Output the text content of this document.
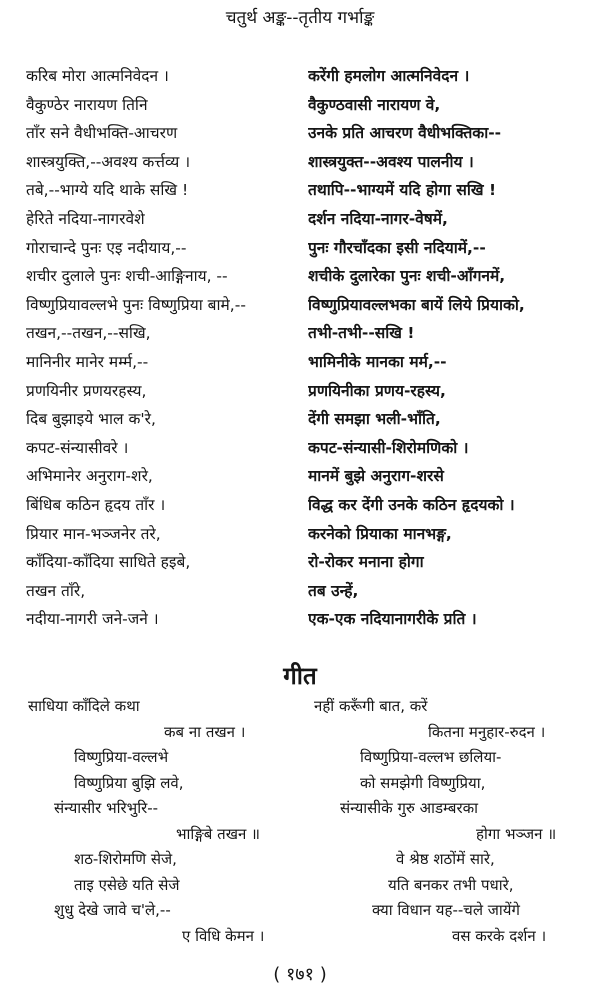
चतुर्थ अङ्क--तृतीय गर्भाङ्क
करिब मोरा आत्मनिवेदन ।
वैकुण्ठेर नारायण तिनि
ताँर सने वैधीभक्ति-आचरण
शास्त्रयुक्ति,--अवश्य कर्त्तव्य ।
तबे,--भाग्ये यदि थाके सखि !
हेरिते नदिया-नागरवेशे
गोराचान्दे पुनः एइ नदीयाय,--
शचीर दुलाले पुनः शची-आङ्गिनाय, --
विष्णुप्रियावल्लभे पुनः विष्णुप्रिया बामे,--
तखन,--तखन,--सखि,
मानिनीर मानेर मर्म्म,--
प्रणयिनीर प्रणयरहस्य,
दिब बुझाइये भाल क'रे,
कपट-संन्यासीवरे ।
अभिमानेर अनुराग-शरे,
बिंधिब कठिन हृदय ताँर ।
प्रियार मान-भञ्जनेर तरे,
काँदिया-काँदिया साधिते हइबे,
तखन ताँरे,
नदीया-नागरी जने-जने ।
करेंगी हमलोग आत्मनिवेदन ।
वैकुण्ठवासी नारायण वे,
उनके प्रति आचरण वैधीभक्तिका--
शास्त्रयुक्त--अवश्य पालनीय ।
तथापि--भाग्यमें यदि होगा सखि !
दर्शन नदिया-नागर-वेषमें,
पुनः गौरचाँदका इसी नदियामें,--
शचीके दुलारेका पुनः शची-आँगनमें,
विष्णुप्रियावल्लभका बायें लिये प्रियाको,
तभी-तभी--सखि !
भामिनीके मानका मर्म,--
प्रणयिनीका प्रणय-रहस्य,
देंगी समझा भली-भाँति,
कपट-संन्यासी-शिरोमणिको ।
मानमें बुझे अनुराग-शरसे
विद्ध कर देंगी उनके कठिन हृदयको ।
करनेको प्रियाका मानभङ्ग,
रो-रोकर मनाना होगा
तब उन्हें,
एक-एक नदियानागरीके प्रति ।
गीत
साधिया काँदिले कथा
कब ना तखन ।
विष्णुप्रिया-वल्लभे
विष्णुप्रिया बुझि लवे,
संन्यासीर भरिभुरि--
भाङ्गिबे तखन ॥
शठ-शिरोमणि सेजे,
ताइ एसेछे यति सेजे
शुधु देखे जावे च'ले,--
ए विधि केमन ।
नहीं करूँगी बात, करें
कितना मनुहार-रुदन ।
विष्णुप्रिया-वल्लभ छलिया-
को समझेगी विष्णुप्रिया,
संन्यासीके गुरु आडम्बरका
होगा भञ्जन ॥
वे श्रेष्ठ शठोंमें सारे,
यति बनकर तभी पधारे,
क्या विधान यह--चले जायेंगे
वस करके दर्शन ।
( १७१ )
